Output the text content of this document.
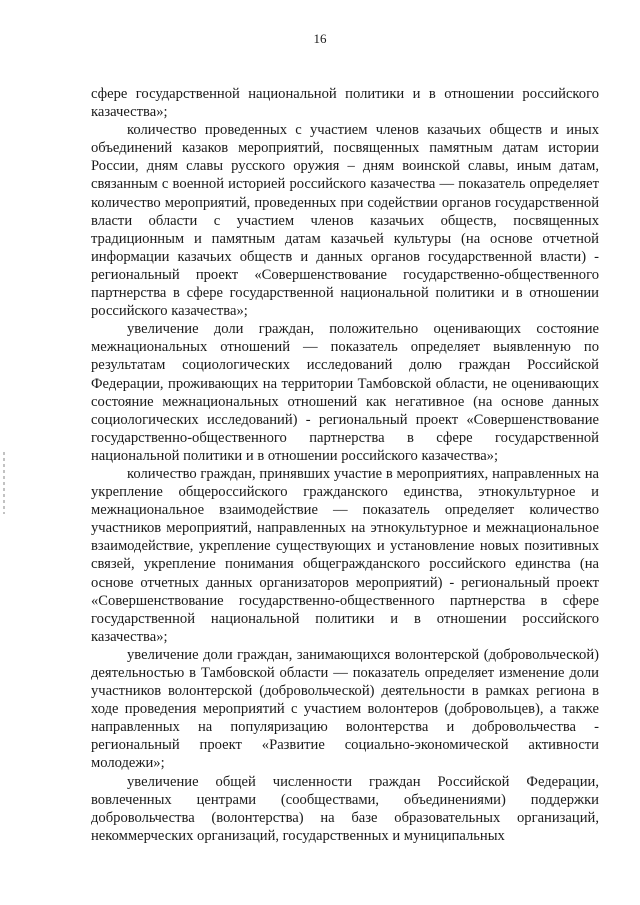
16

сфере государственной национальной политики и в отношении российского казачества»;

количество проведенных с участием членов казачьих обществ и иных объединений казаков мероприятий, посвященных памятным датам истории России, дням славы русского оружия – дням воинской славы, иным датам, связанным с военной историей российского казачества — показатель определяет количество мероприятий, проведенных при содействии органов государственной власти области с участием членов казачьих обществ, посвященных традиционным и памятным датам казачьей культуры (на основе отчетной информации казачьих обществ и данных органов государственной власти) - региональный проект «Совершенствование государственно-общественного партнерства в сфере государственной национальной политики и в отношении российского казачества»;

увеличение доли граждан, положительно оценивающих состояние межнациональных отношений — показатель определяет выявленную по результатам социологических исследований долю граждан Российской Федерации, проживающих на территории Тамбовской области, не оценивающих состояние межнациональных отношений как негативное (на основе данных социологических исследований) - региональный проект «Совершенствование государственно-общественного партнерства в сфере государственной национальной политики и в отношении российского казачества»;

количество граждан, принявших участие в мероприятиях, направленных на укрепление общероссийского гражданского единства, этнокультурное и межнациональное взаимодействие — показатель определяет количество участников мероприятий, направленных на этнокультурное и межнациональное взаимодействие, укрепление существующих и установление новых позитивных связей, укрепление понимания общегражданского российского единства (на основе отчетных данных организаторов мероприятий) - региональный проект «Совершенствование государственно-общественного партнерства в сфере государственной национальной политики и в отношении российского казачества»;

увеличение доли граждан, занимающихся волонтерской (добровольческой) деятельностью в Тамбовской области — показатель определяет изменение доли участников волонтерской (добровольческой) деятельности в рамках региона в ходе проведения мероприятий с участием волонтеров (добровольцев), а также направленных на популяризацию волонтерства и добровольчества - региональный проект «Развитие социально-экономической активности молодежи»;

увеличение общей численности граждан Российской Федерации, вовлеченных центрами (сообществами, объединениями) поддержки добровольчества (волонтерства) на базе образовательных организаций, некоммерческих организаций, государственных и муниципальных
